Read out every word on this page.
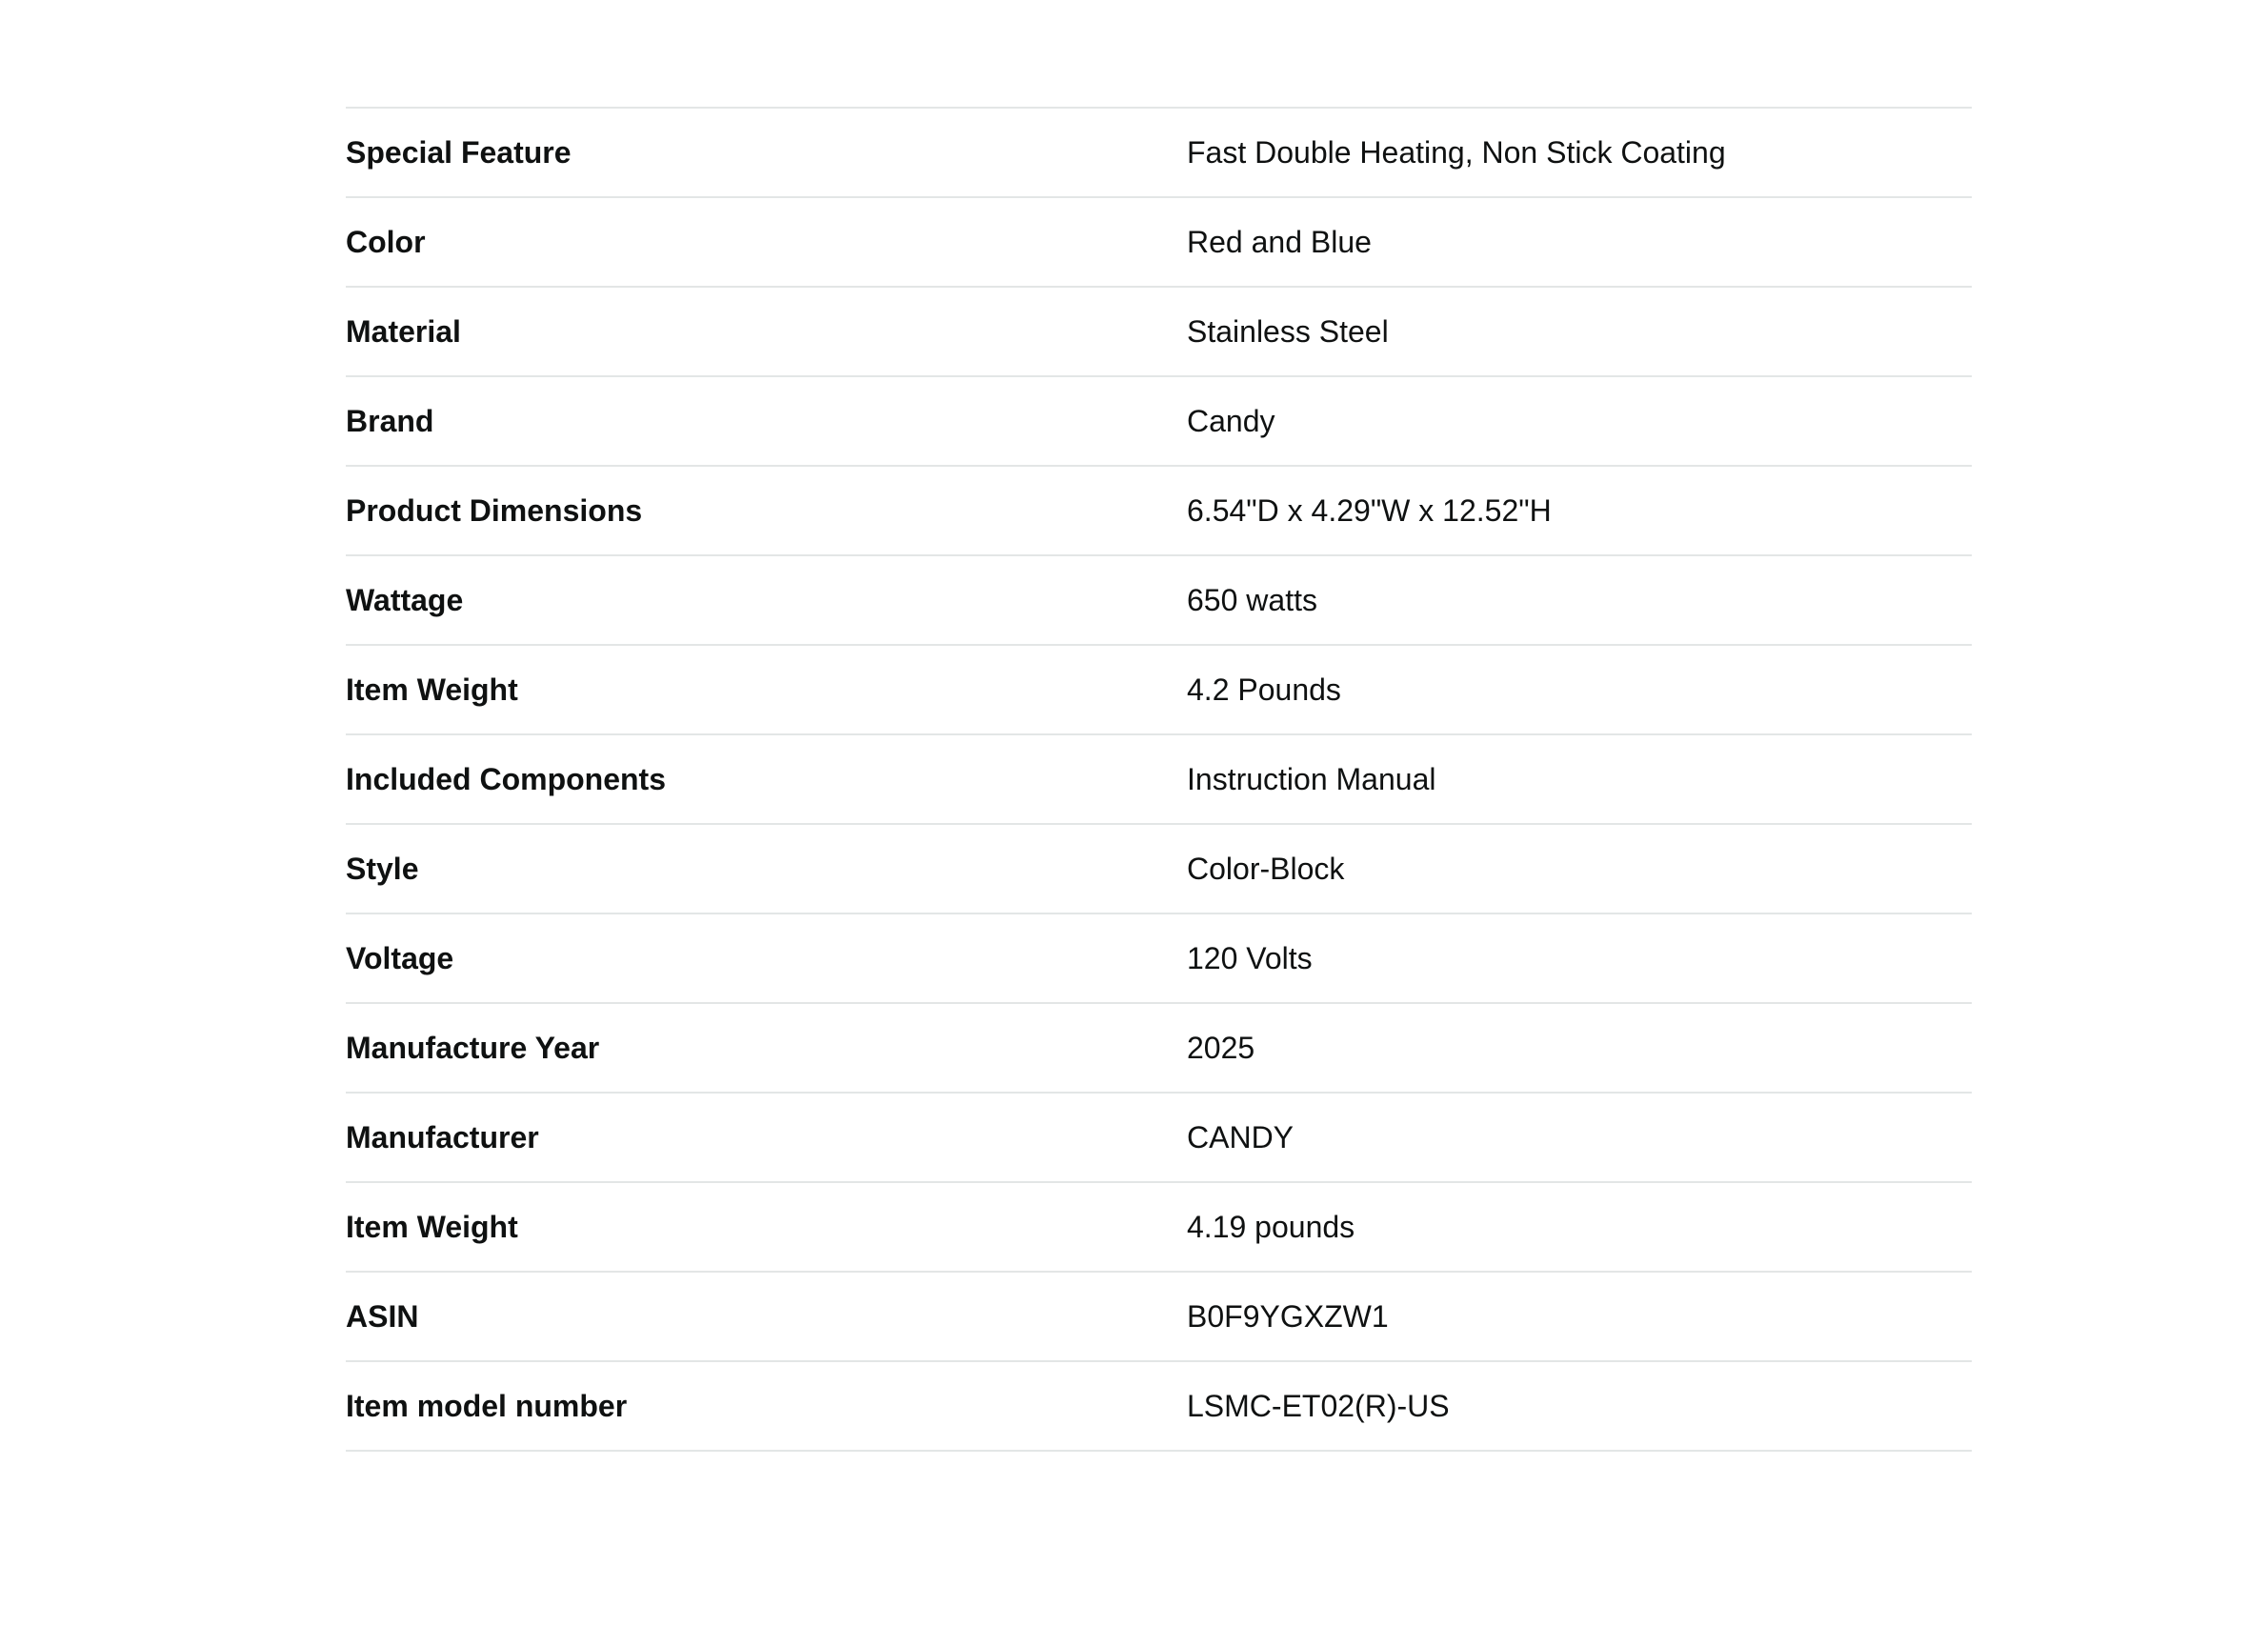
Special Feature	Fast Double Heating, Non Stick Coating
Color	Red and Blue
Material	Stainless Steel
Brand	Candy
Product Dimensions	6.54"D x 4.29"W x 12.52"H
Wattage	650 watts
Item Weight	4.2 Pounds
Included Components	Instruction Manual
Style	Color-Block
Voltage	120 Volts
Manufacture Year	2025
Manufacturer	CANDY
Item Weight	4.19 pounds
ASIN	B0F9YGXZW1
Item model number	LSMC-ET02(R)-US
